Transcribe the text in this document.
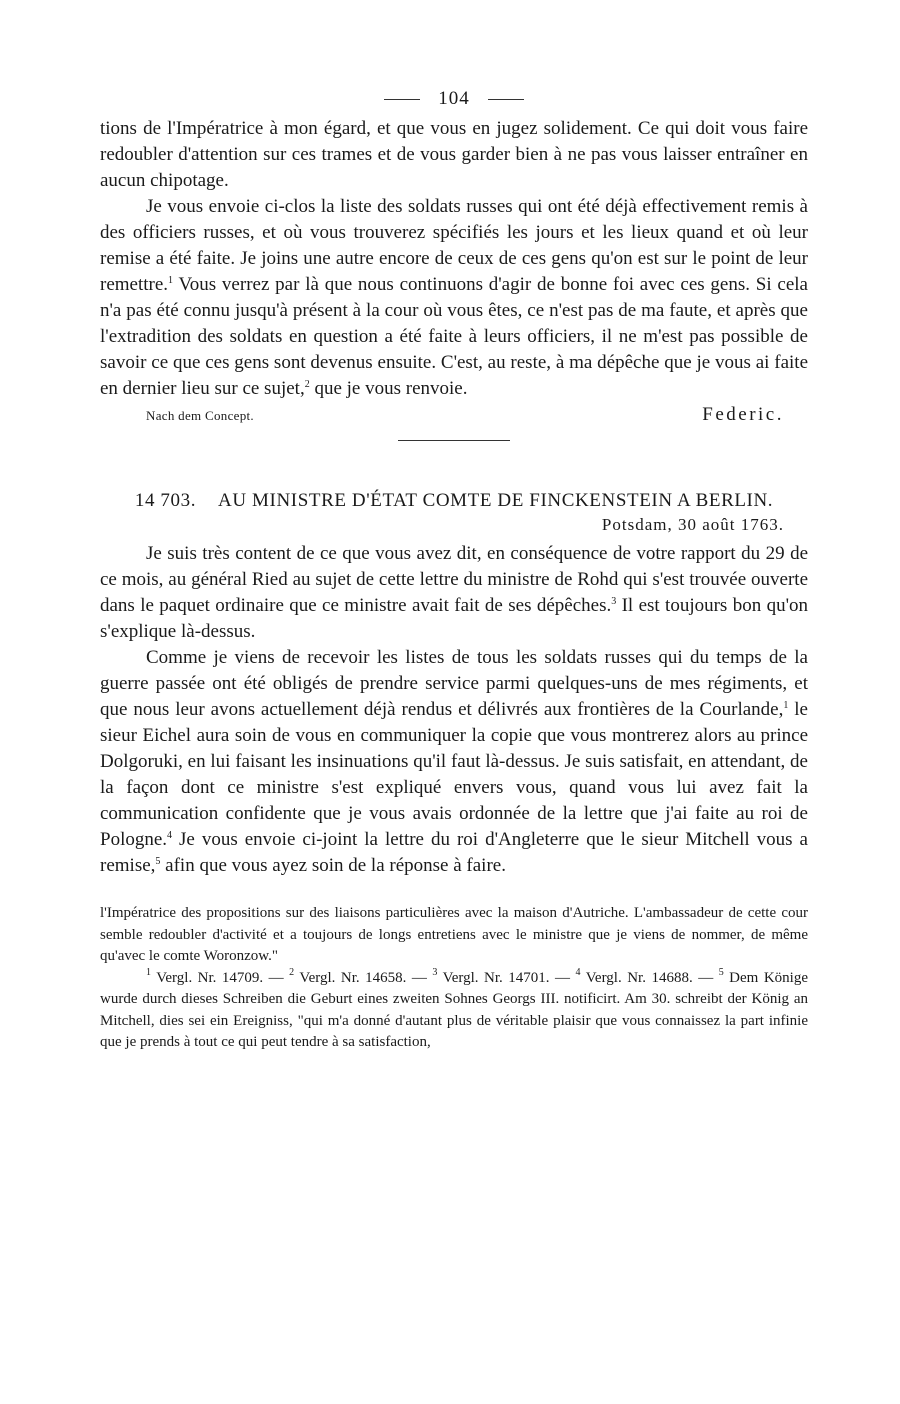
104

tions de l'Impératrice à mon égard, et que vous en jugez solidement. Ce qui doit vous faire redoubler d'attention sur ces trames et de vous garder bien à ne pas vous laisser entraîner en aucun chipotage.

Je vous envoie ci-clos la liste des soldats russes qui ont été déjà effectivement remis à des officiers russes, et où vous trouverez spécifiés les jours et les lieux quand et où leur remise a été faite. Je joins une autre encore de ceux de ces gens qu'on est sur le point de leur remettre.$^1$ Vous verrez par là que nous continuons d'agir de bonne foi avec ces gens. Si cela n'a pas été connu jusqu'à présent à la cour où vous êtes, ce n'est pas de ma faute, et après que l'extradition des soldats en question a été faite à leurs officiers, il ne m'est pas possible de savoir ce que ces gens sont devenus ensuite. C'est, au reste, à ma dépêche que je vous ai faite en dernier lieu sur ce sujet,$^2$ que je vous renvoie.

Nach dem Concept.	Federic.
14 703. AU MINISTRE D'ÉTAT COMTE DE FINCKENSTEIN A BERLIN.
Potsdam, 30 août 1763.

Je suis très content de ce que vous avez dit, en conséquence de votre rapport du 29 de ce mois, au général Ried au sujet de cette lettre du ministre de Rohd qui s'est trouvée ouverte dans le paquet ordinaire que ce ministre avait fait de ses dépêches.$^3$ Il est toujours bon qu'on s'explique là-dessus.

Comme je viens de recevoir les listes de tous les soldats russes qui du temps de la guerre passée ont été obligés de prendre service parmi quelques-uns de mes régiments, et que nous leur avons actuellement déjà rendus et délivrés aux frontières de la Courlande,$^1$ le sieur Eichel aura soin de vous en communiquer la copie que vous montrerez alors au prince Dolgoruki, en lui faisant les insinuations qu'il faut là-dessus. Je suis satisfait, en attendant, de la façon dont ce ministre s'est expliqué envers vous, quand vous lui avez fait la communication confidente que je vous avais ordonnée de la lettre que j'ai faite au roi de Pologne.$^4$ Je vous envoie ci-joint la lettre du roi d'Angleterre que le sieur Mitchell vous a remise,$^5$ afin que vous ayez soin de la réponse à faire.

l'Impératrice des propositions sur des liaisons particulières avec la maison d'Autriche. L'ambassadeur de cette cour semble redoubler d'activité et a toujours de longs entretiens avec le ministre que je viens de nommer, de même qu'avec le comte Woronzow."

$^1$ Vergl. Nr. 14709. — $^2$ Vergl. Nr. 14658. — $^3$ Vergl. Nr. 14701. — $^4$ Vergl. Nr. 14688. — $^5$ Dem Könige wurde durch dieses Schreiben die Geburt eines zweiten Sohnes Georgs III. notificirt. Am 30. schreibt der König an Mitchell, dies sei ein Ereigniss, "qui m'a donné d'autant plus de véritable plaisir que vous connaissez la part infinie que je prends à tout ce qui peut tendre à sa satisfaction,
